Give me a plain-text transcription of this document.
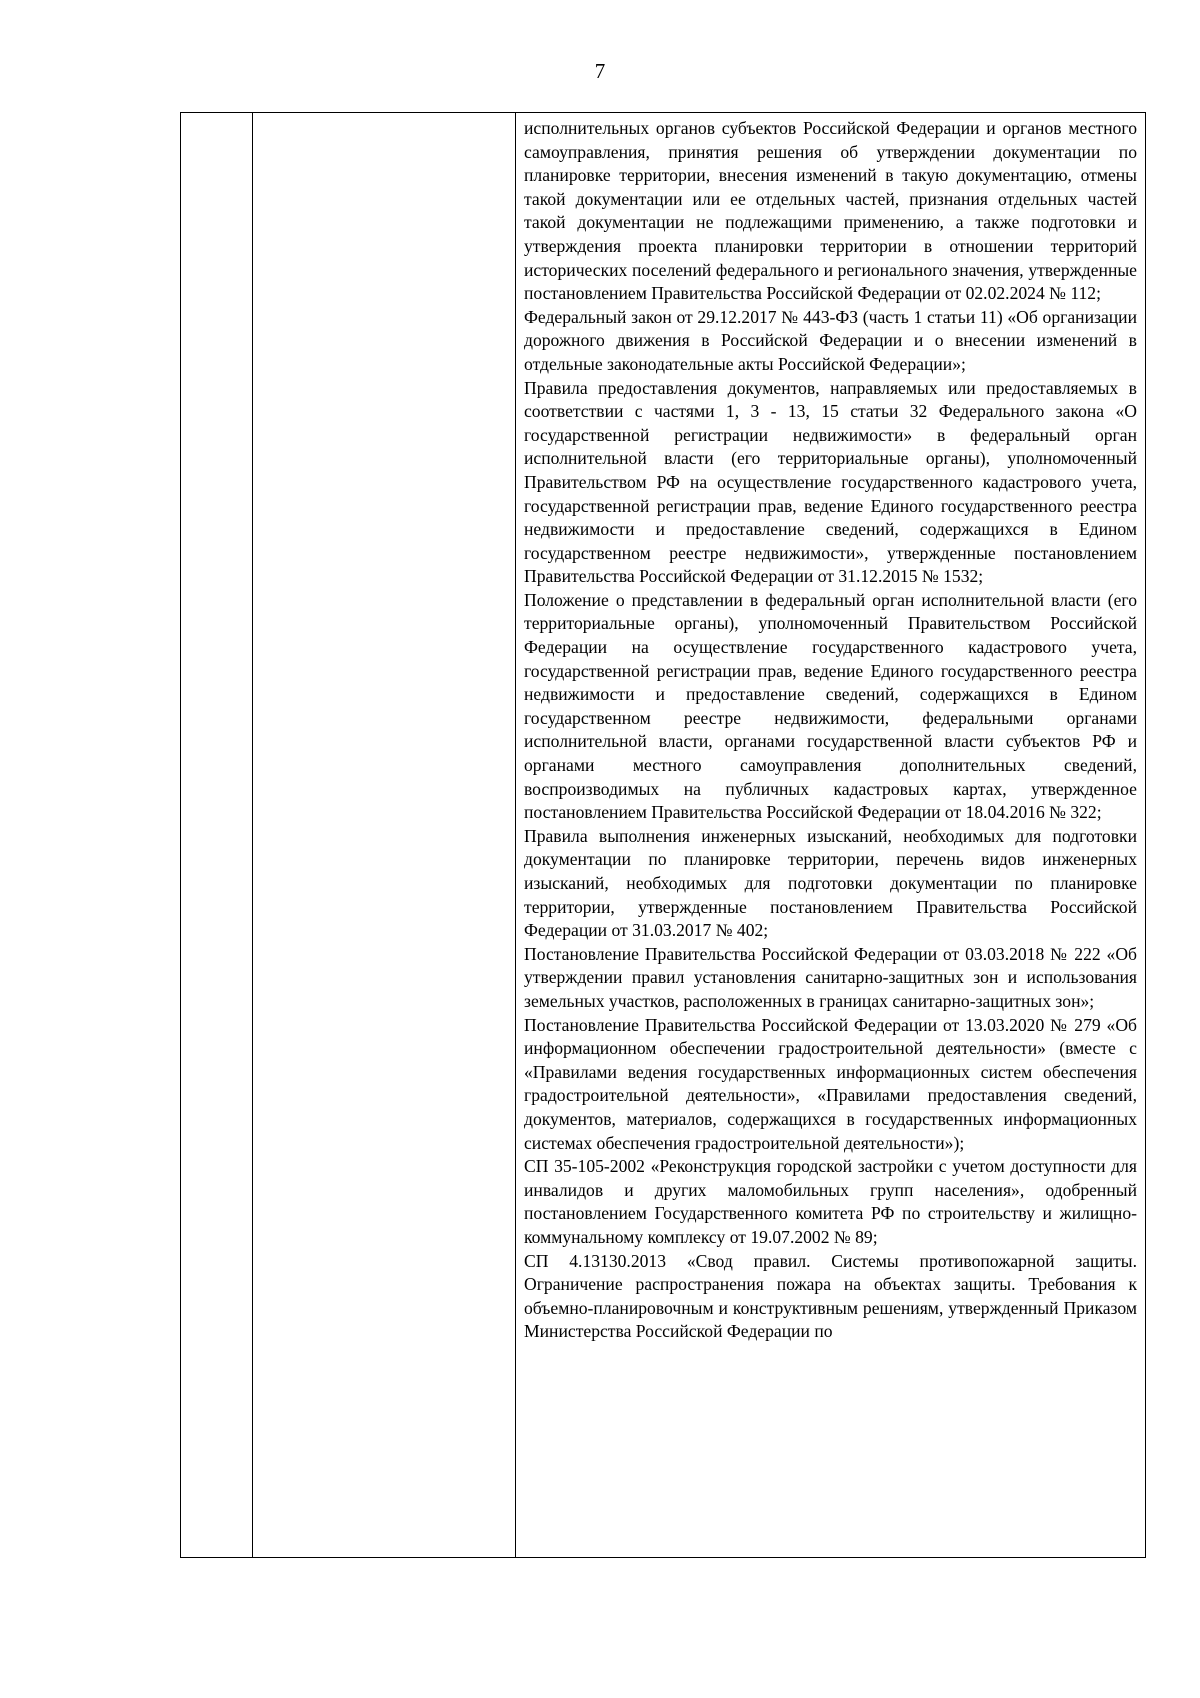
7

исполнительных органов субъектов Российской Федерации и органов местного самоуправления, принятия решения об утверждении документации по планировке территории, внесения изменений в такую документацию, отмены такой документации или ее отдельных частей, признания отдельных частей такой документации не подлежащими применению, а также подготовки и утверждения проекта планировки территории в отношении территорий исторических поселений федерального и регионального значения, утвержденные постановлением Правительства Российской Федерации от 02.02.2024 № 112;

Федеральный закон от 29.12.2017 № 443-ФЗ (часть 1 статьи 11) «Об организации дорожного движения в Российской Федерации и о внесении изменений в отдельные законодательные акты Российской Федерации»;

Правила предоставления документов, направляемых или предоставляемых в соответствии с частями 1, 3 - 13, 15 статьи 32 Федерального закона «О государственной регистрации недвижимости» в федеральный орган исполнительной власти (его территориальные органы), уполномоченный Правительством РФ на осуществление государственного кадастрового учета, государственной регистрации прав, ведение Единого государственного реестра недвижимости и предоставление сведений, содержащихся в Едином государственном реестре недвижимости», утвержденные постановлением Правительства Российской Федерации от 31.12.2015 № 1532;

Положение о представлении в федеральный орган исполнительной власти (его территориальные органы), уполномоченный Правительством Российской Федерации на осуществление государственного кадастрового учета, государственной регистрации прав, ведение Единого государственного реестра недвижимости и предоставление сведений, содержащихся в Едином государственном реестре недвижимости, федеральными органами исполнительной власти, органами государственной власти субъектов РФ и органами местного самоуправления дополнительных сведений, воспроизводимых на публичных кадастровых картах, утвержденное постановлением Правительства Российской Федерации от 18.04.2016 № 322;

Правила выполнения инженерных изысканий, необходимых для подготовки документации по планировке территории, перечень видов инженерных изысканий, необходимых для подготовки документации по планировке территории, утвержденные постановлением Правительства Российской Федерации от 31.03.2017 № 402;

Постановление Правительства Российской Федерации от 03.03.2018 № 222 «Об утверждении правил установления санитарно-защитных зон и использования земельных участков, расположенных в границах санитарно-защитных зон»;

Постановление Правительства Российской Федерации от 13.03.2020 № 279 «Об информационном обеспечении градостроительной деятельности» (вместе с «Правилами ведения государственных информационных систем обеспечения градостроительной деятельности», «Правилами предоставления сведений, документов, материалов, содержащихся в государственных информационных системах обеспечения градостроительной деятельности»);

СП 35-105-2002 «Реконструкция городской застройки с учетом доступности для инвалидов и других маломобильных групп населения», одобренный постановлением Государственного комитета РФ по строительству и жилищно-коммунальному комплексу от 19.07.2002 № 89;

СП 4.13130.2013 «Свод правил. Системы противопожарной защиты. Ограничение распространения пожара на объектах защиты. Требования к объемно-планировочным и конструктивным решениям, утвержденный Приказом Министерства Российской Федерации по
